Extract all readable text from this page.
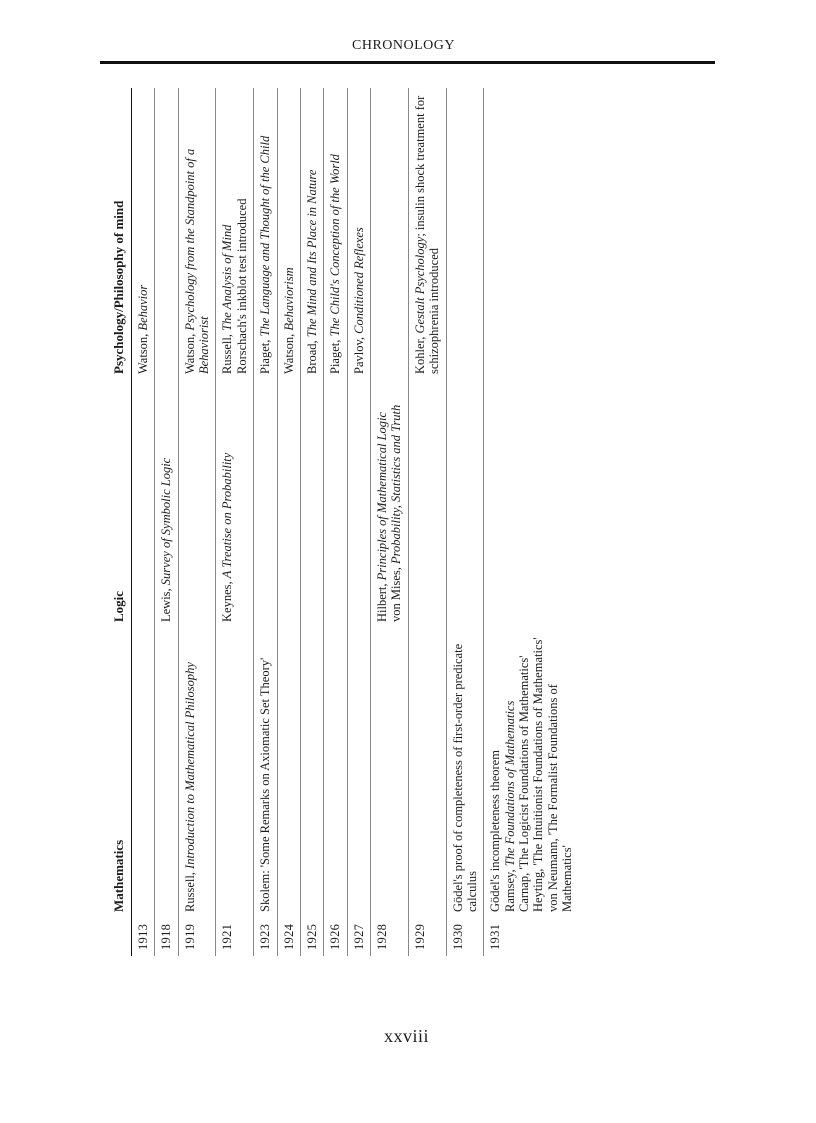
CHRONOLOGY
	Mathematics	Logic	Psychology/Philosophy of mind
1913			Watson, Behavior

1918		Lewis, Survey of Symbolic Logic	

1919	Russell, Introduction to Mathematical Philosophy		Watson, Psychology from the Standpoint of a Behaviorist

1921		Keynes, A Treatise on Probability	Russell, The Analysis of Mind Rorschach's inkblot test introduced

1923	Skolem: 'Some Remarks on Axiomatic Set Theory'		Piaget, The Language and Thought of the Child

1924			Watson, Behaviorism

1925			Broad, The Mind and Its Place in Nature

1926			Piaget, The Child's Conception of the World

1927			Pavlov, Conditioned Reflexes

1928		Hilbert, Principles of Mathematical Logic
von Mises, Probability, Statistics and Truth	

1929			Kohler, Gestalt Psychology; insulin shock treatment for schizophrenia introduced

1930	Gödel's proof of completeness of first-order predicate calculus		

1931	Gödel's incompleteness theorem Ramsey, The Foundations of Mathematics Carnap, 'The Logicist Foundations of Mathematics' Heyting, 'The Intuitionist Foundations of Mathematics' von Neumann, 'The Formalist Foundations of Mathematics'		

xxviii
